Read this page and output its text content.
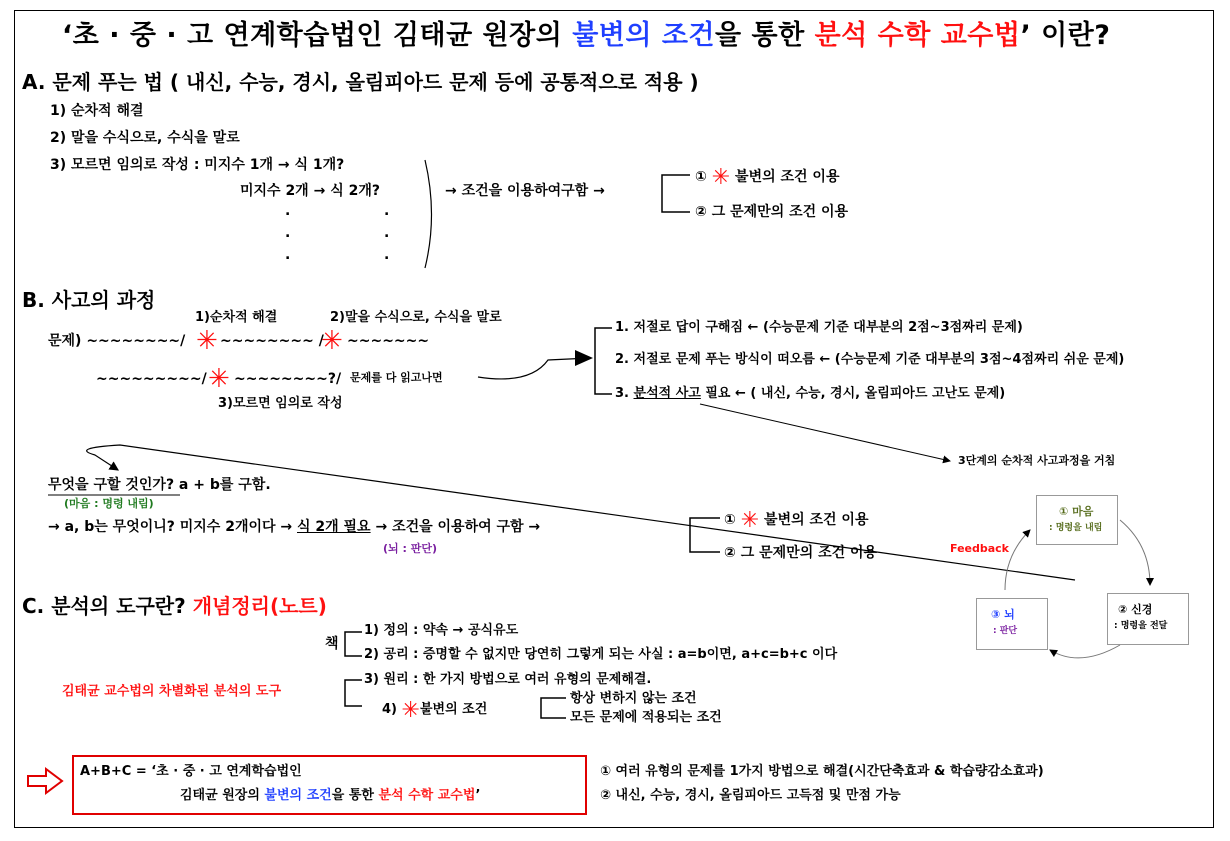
‘초 · 중 · 고 연계학습법인 김태균 원장의 불변의 조건을 통한 분석 수학 교수법’ 이란?
A. 문제 푸는 법 ( 내신, 수능, 경시, 올림피아드 문제 등에 공통적으로 적용 )
1) 순차적 해결
2) 말을 수식으로, 수식을 말로
3) 모르면 임의로 작성 : 미지수 1개 → 식 1개?
미지수 2개 → 식 2개?
.
.
.
.
.
.
→ 조건을 이용하여구함 →
① ✳ 불변의 조건 이용
② 그 문제만의 조건 이용
B. 사고의 과정
1)순차적 해결	2)말을 수식으로, 수식을 말로
문제) ~~~~~~~~/ ✳ ~~~~~~~~ /
✳ ~~~~~~~
~~~~~~~~~/ ✳ ~~~~~~~~?/ 문제를 다 읽고나면
3)모르면 임의로 작성
1. 저절로 답이 구해짐 ← (수능문제 기준 대부분의 2점~3점짜리 문제)
2. 저절로 문제 푸는 방식이 떠오름 ← (수능문제 기준 대부분의 3점~4점짜리 쉬운 문제)
3. 분석적 사고 필요 ← ( 내신, 수능, 경시, 올림피아드 고난도 문제)
3단계의 순차적 사고과정을 거침
무엇을 구할 것인가? a + b를 구함.
(마음 : 명령 내림)
→ a, b는 무엇이니? 미지수 2개이다 → 식 2개 필요 → 조건을 이용하여 구함 →
(뇌 : 판단)
① ✳ 불변의 조건 이용
② 그 문제만의 조건 이용	Feedback
① 마음
: 명령을 내림
② 신경
: 명령을 전달
③ 뇌
: 판단
C. 분석의 도구란? 개념정리(노트)
책
1) 정의 : 약속 → 공식유도
2) 공리 : 증명할 수 없지만 당연히 그렇게 되는 사실 : a=b이면, a+c=b+c 이다
김태균 교수법의 차별화된 분석의 도구
3) 원리 : 한 가지 방법으로 여러 유형의 문제해결.
4) ✳불변의 조건
항상 변하지 않는 조건
모든 문제에 적용되는 조건
A+B+C = ‘초 · 중 · 고 연계학습법인
김태균 원장의 불변의 조건을 통한 분석 수학 교수법’
① 여러 유형의 문제를 1가지 방법으로 해결(시간단축효과 & 학습량감소효과)
② 내신, 수능, 경시, 올림피아드 고득점 및 만점 가능
